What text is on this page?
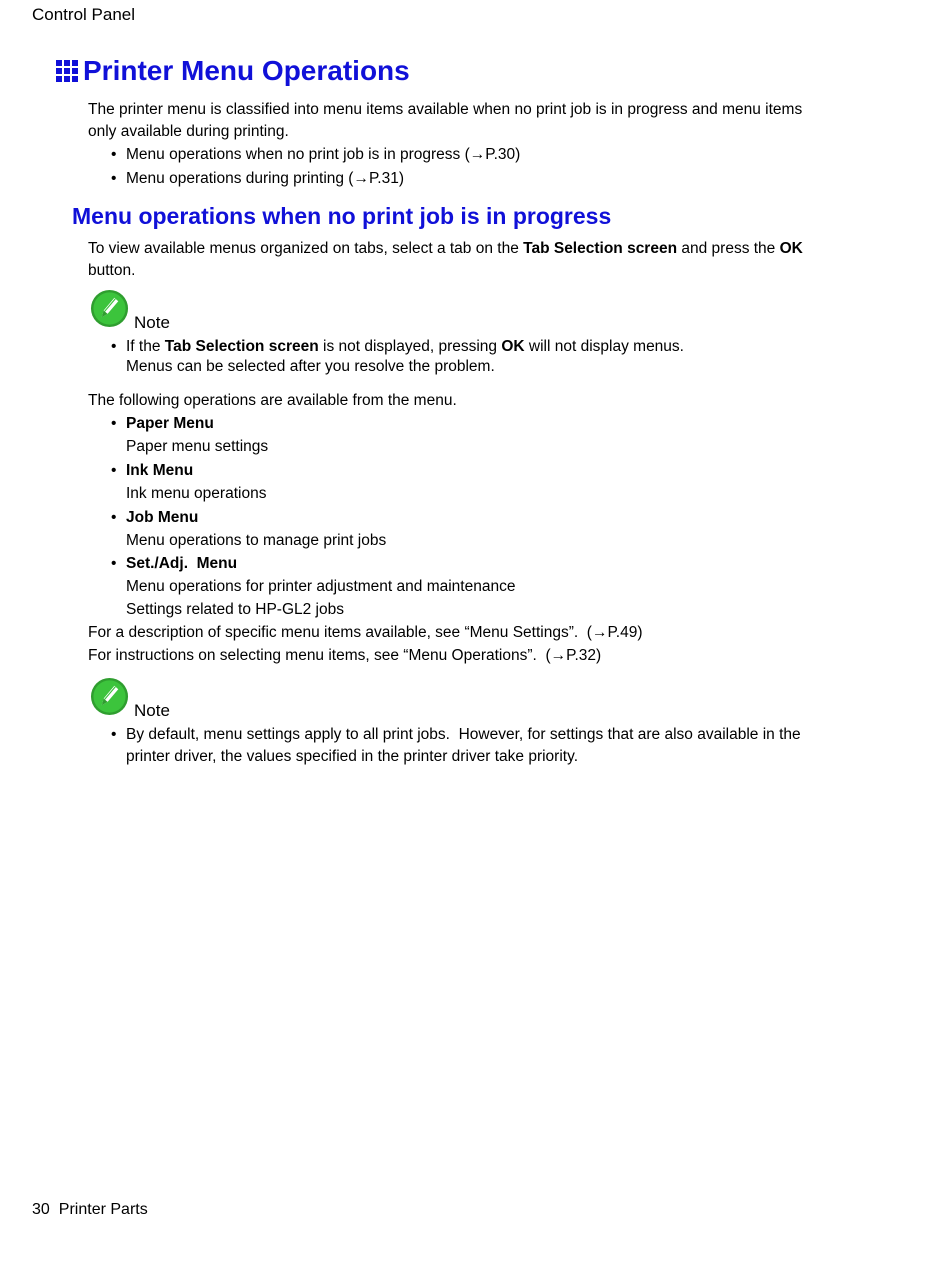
Control Panel
Printer Menu Operations
The printer menu is classified into menu items available when no print job is in progress and menu items only available during printing.
• Menu operations when no print job is in progress (→P.30)
• Menu operations during printing (→P.31)
Menu operations when no print job is in progress
To view available menus organized on tabs, select a tab on the Tab Selection screen and press the OK button.
Note
• If the Tab Selection screen is not displayed, pressing OK will not display menus.
Menus can be selected after you resolve the problem.
The following operations are available from the menu.
• Paper Menu
Paper menu settings
• Ink Menu
Ink menu operations
• Job Menu
Menu operations to manage print jobs
• Set./Adj.  Menu
Menu operations for printer adjustment and maintenance
Settings related to HP-GL2 jobs
For a description of specific menu items available, see “Menu Settings”.  (→P.49)
For instructions on selecting menu items, see “Menu Operations”.  (→P.32)
Note
• By default, menu settings apply to all print jobs.  However, for settings that are also available in the printer driver, the values specified in the printer driver take priority.
30 Printer Parts
